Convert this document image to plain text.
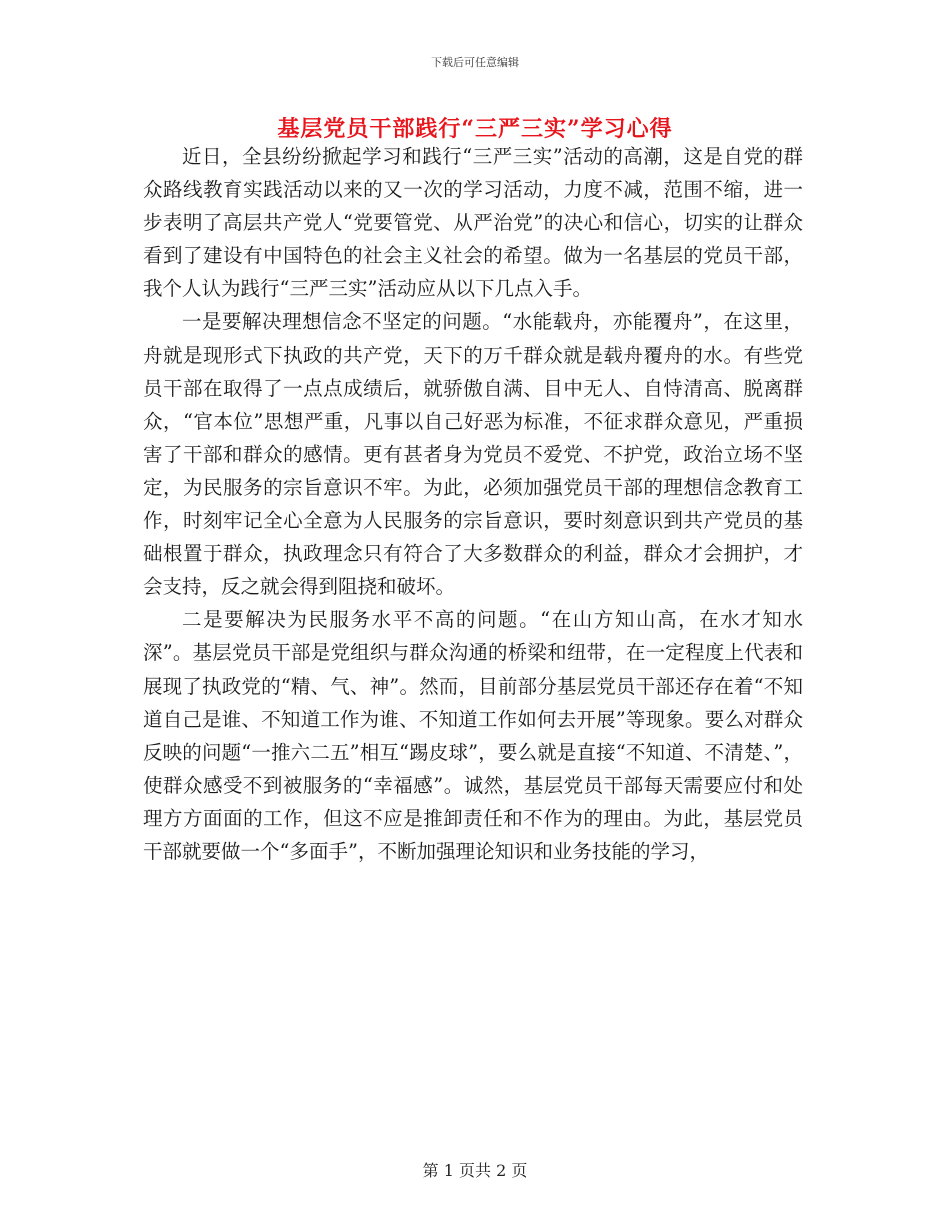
下载后可任意编辑
基层党员干部践行“三严三实”学习心得

近日，全县纷纷掀起学习和践行“三严三实”活动的高潮，这是自党的群众路线教育实践活动以来的又一次的学习活动，力度不减，范围不缩，进一步表明了高层共产党人“党要管党、从严治党”的决心和信心，切实的让群众看到了建设有中国特色的社会主义社会的希望。做为一名基层的党员干部，我个人认为践行“三严三实”活动应从以下几点入手。

一是要解决理想信念不坚定的问题。“水能载舟，亦能覆舟”，在这里，舟就是现形式下执政的共产党，天下的万千群众就是载舟覆舟的水。有些党员干部在取得了一点点成绩后，就骄傲自满、目中无人、自恃清高、脱离群众，“官本位”思想严重，凡事以自己好恶为标准，不征求群众意见，严重损害了干部和群众的感情。更有甚者身为党员不爱党、不护党，政治立场不坚定，为民服务的宗旨意识不牢。为此，必须加强党员干部的理想信念教育工作，时刻牢记全心全意为人民服务的宗旨意识，要时刻意识到共产党员的基础根置于群众，执政理念只有符合了大多数群众的利益，群众才会拥护，才会支持，反之就会得到阻挠和破坏。

二是要解决为民服务水平不高的问题。“在山方知山高，在水才知水深”。基层党员干部是党组织与群众沟通的桥梁和纽带，在一定程度上代表和展现了执政党的“精、气、神”。然而，目前部分基层党员干部还存在着“不知道自己是谁、不知道工作为谁、不知道工作如何去开展”等现象。要么对群众反映的问题“一推六二五”相互“踢皮球”，要么就是直接“不知道、不清楚、”，使群众感受不到被服务的“幸福感”。诚然，基层党员干部每天需要应付和处理方方面面的工作，但这不应是推卸责任和不作为的理由。为此，基层党员干部就要做一个“多面手”，不断加强理论知识和业务技能的学习，

第 1 页共 2 页
